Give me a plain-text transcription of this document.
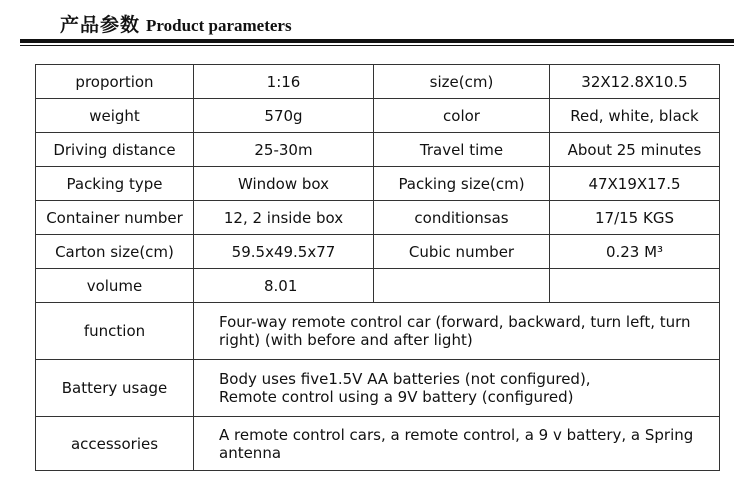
产品参数 Product parameters
proportion	1:16	size(cm)	32X12.8X10.5
weight	570g	color	Red, white, black
Driving distance	25-30m	Travel time	About 25 minutes
Packing type	Window box	Packing size(cm)	47X19X17.5
Container number	12, 2 inside box	conditionsas	17/15 KGS
Carton size(cm)	59.5x49.5x77	Cubic number	0.23 M³
volume	8.01		
function	Four-way remote control car (forward, backward, turn left, turn
right) (with before and after light)		
Battery usage	Body uses five1.5V AA batteries (not configured),
Remote control using a 9V battery (configured)		
accessories	A remote control cars, a remote control, a 9 v battery, a Spring
antenna		
